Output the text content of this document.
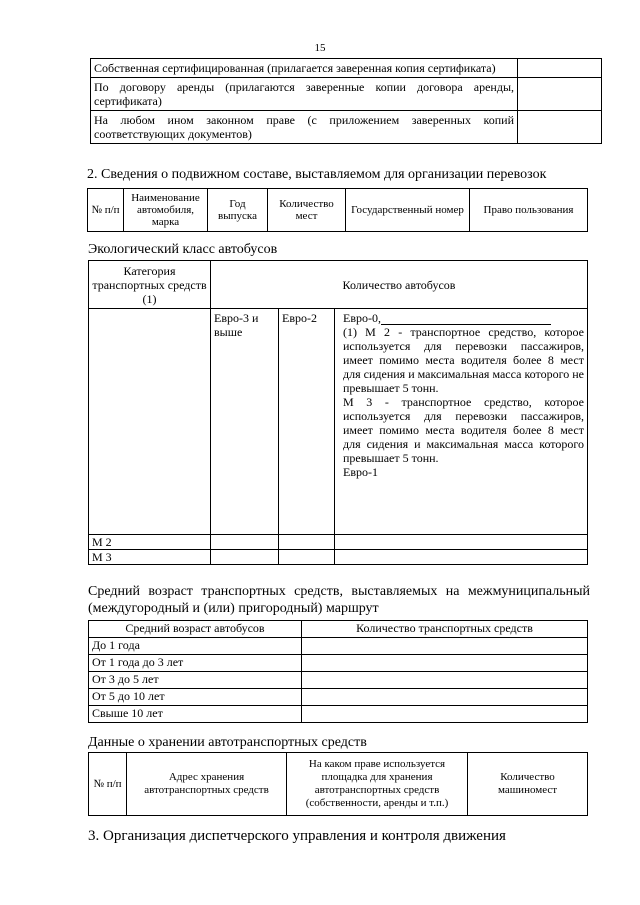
15
Собственная сертифицированная (прилагается заверенная копия сертификата)	
По договору аренды (прилагаются заверенные копии договора аренды, сертификата)	
На любом ином законном праве (с приложением заверенных копий соответствующих документов)	
2. Сведения о подвижном составе, выставляемом для организации перевозок
№ п/п	Наименование автомобиля, марка	Год выпуска	Количество мест	Государственный номер	Право пользования
Экологический класс автобусов
Категория транспортных средств (1)	Количество автобусов		
	Евро-3 и выше	Евро-2	Евро-0,
(1) М 2 - транспортное средство, которое используется для перевозки пассажиров, имеет помимо места водителя более 8 мест для сидения и максимальная масса которого не превышает 5 тонн.
М 3 - транспортное средство, которое используется для перевозки пассажиров, имеет помимо места водителя более 8 мест для сидения и максимальная масса которого превышает 5 тонн.
Евро-1

М 2			
М 3			
Средний возраст транспортных средств, выставляемых на межмуниципальный (междугородный и (или) пригородный) маршрут
Средний возраст автобусов	Количество транспортных средств
До 1 года	
От 1 года до 3 лет	
От 3 до 5 лет	
От 5 до 10 лет	
Свыше 10 лет	
Данные о хранении автотранспортных средств
№ п/п	Адрес хранения автотранспортных средств	На каком праве используется площадка для хранения автотранспортных средств (собственности, аренды и т.п.)	Количество машиномест
3. Организация диспетчерского управления и контроля движения
